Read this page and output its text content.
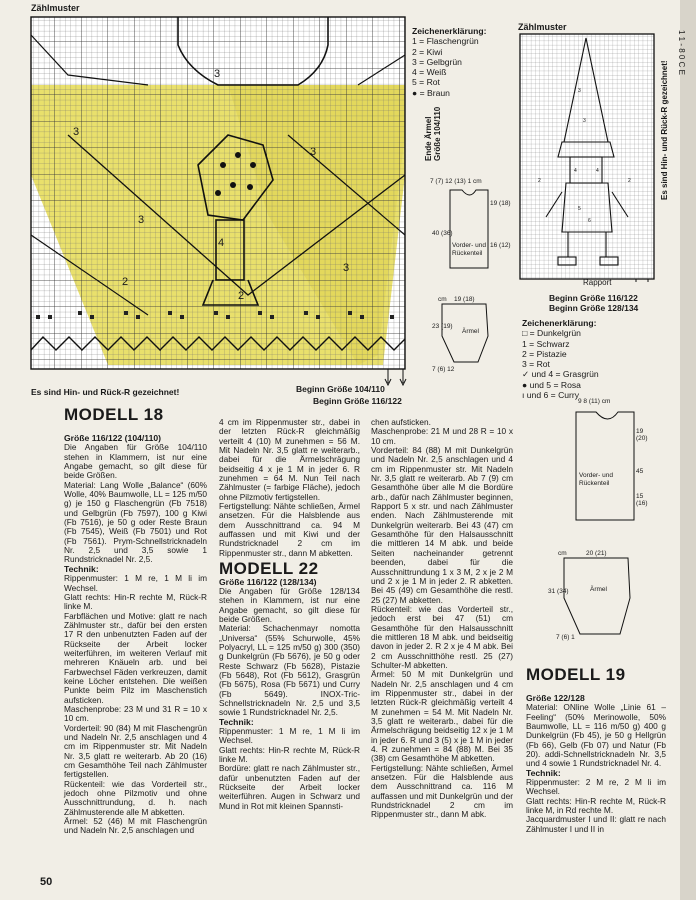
Zählmuster
3
3
3
3
4
3
2
2
Es sind Hin- und Rück-R gezeichnet!	Beginn Größe 104/110
Beginn Größe 116/122
Ende Ärmel Größe 104/110
Zeichenerklärung:
1 = Flaschengrün
2 = Kiwi
3 = Gelbgrün
4 = Weiß
5 = Rot
● = Braun
7 (7) 12 (13) 1 cm
19 (18)
40 (36)
16 (12)
Vorder- und Rückenteil
cm 19 (18)
Ärmel
23 (19)
7 (6) 12
Zählmuster
3
3
4	4
5
6
2	2
Rapport
Es sind Hin- und Rück-R gezeichnet!
Beginn Größe 116/122
Beginn Größe 128/134
Zeichenerklärung:
□ = Dunkelgrün
1 = Schwarz
2 = Pistazie
3 = Rot
✓ und 4 = Grasgrün
● und 5 = Rosa
ı und 6 = Curry
9 8 (11) cm
19 (20)
45
15 (16)
Vorder- und Rückenteil
cm	20 (21)
Ärmel
31 (34)
7 (6) 1
MODELL 18

Größe 116/122 (104/110)

Die Angaben für Größe 104/110 stehen in Klammern, ist nur eine Angabe gemacht, so gilt diese für beide Größen.

Material: Lang Wolle „Balance“ (60% Wolle, 40% Baumwolle, LL = 125 m/50 g) je 150 g Flaschengrün (Fb 7518) und Gelbgrün (Fb 7597), 100 g Kiwi (Fb 7516), je 50 g oder Reste Braun (Fb 7545), Weiß (Fb 7501) und Rot (Fb 7561). Prym-Schnellstricknadeln Nr. 2,5 und 3,5 sowie 1 Rundstricknadel Nr. 2,5.

Technik:

Rippenmuster: 1 M re, 1 M li im Wechsel.

Glatt rechts: Hin-R rechte M, Rück-R linke M.

Farbflächen und Motive: glatt re nach Zählmuster str., dafür bei den ersten 17 R den unbenutzten Faden auf der Rückseite der Arbeit locker weiterführen, im weiteren Verlauf mit mehreren Knäueln arb. und bei Farbwechsel Fäden verkreuzen, damit keine Löcher entstehen. Die weißen Punkte beim Pilz im Maschenstich aufsticken.

Maschenprobe: 23 M und 31 R = 10 x 10 cm.

Vorderteil: 90 (84) M mit Flaschengrün und Nadeln Nr. 2,5 anschlagen und 4 cm im Rippenmuster str. Mit Nadeln Nr. 3,5 glatt re weiterarb. Ab 20 (16) cm Gesamthöhe Teil nach Zählmuster fertigstellen.

Rückenteil: wie das Vorderteil str., jedoch ohne Pilzmotiv und ohne Ausschnittrundung, d. h. nach Zählmusterende alle M abketten.

Ärmel: 52 (46) M mit Flaschengrün und Nadeln Nr. 2,5 anschlagen und

4 cm im Rippenmuster str., dabei in der letzten Rück-R gleichmäßig verteilt 4 (10) M zunehmen = 56 M. Mit Nadeln Nr. 3,5 glatt re weiterarb., dabei für die Ärmelschrägung beidseitig 4 x je 1 M in jeder 6. R zunehmen = 64 M. Nun Teil nach Zählmuster (= farbige Fläche), jedoch ohne Pilzmotiv fertigstellen.

Fertigstellung: Nähte schließen, Ärmel ansetzen. Für die Halsblende aus dem Ausschnittrand ca. 94 M auffassen und mit Kiwi und der Rundstricknadel 2 cm im Rippenmuster str., dann M abketten.

MODELL 22

Größe 116/122 (128/134)

Die Angaben für Größe 128/134 stehen in Klammern, ist nur eine Angabe gemacht, so gilt diese für beide Größen.

Material: Schachenmayr nomotta „Universa“ (55% Schurwolle, 45% Polyacryl, LL = 125 m/50 g) 300 (350) g Dunkelgrün (Fb 5676), je 50 g oder Reste Schwarz (Fb 5628), Pistazie (Fb 5648), Rot (Fb 5612), Grasgrün (Fb 5675), Rosa (Fb 5671) und Curry (Fb 5649). INOX-Tric-Schnellstricknadeln Nr. 2,5 und 3,5 sowie 1 Rundstricknadel Nr. 2,5.

Technik:

Rippenmuster: 1 M re, 1 M li im Wechsel.

Glatt rechts: Hin-R rechte M, Rück-R linke M.

Bordüre: glatt re nach Zählmuster str., dafür unbenutzten Faden auf der Rückseite der Arbeit locker weiterführen. Augen in Schwarz und Mund in Rot mit kleinen Spannsti-

chen aufsticken.

Maschenprobe: 21 M und 28 R = 10 x 10 cm.

Vorderteil: 84 (88) M mit Dunkelgrün und Nadeln Nr. 2,5 anschlagen und 4 cm im Rippenmuster str. Mit Nadeln Nr. 3,5 glatt re weiterarb. Ab 7 (9) cm Gesamthöhe über alle M die Bordüre arb., dafür nach Zählmuster beginnen, Rapport 5 x str. und nach Zählmuster enden. Nach Zählmusterende mit Dunkelgrün weiterarb. Bei 43 (47) cm Gesamthöhe für den Halsausschnitt die mittleren 14 M abk. und beide Seiten nacheinander getrennt beenden, dabei für die Ausschnittrundung 1 x 3 M, 2 x je 2 M und 2 x je 1 M in jeder 2. R abketten. Bei 45 (49) cm Gesamthöhe die restl. 25 (27) M abketten.

Rückenteil: wie das Vorderteil str., jedoch erst bei 47 (51) cm Gesamthöhe für den Halsausschnitt die mittleren 18 M abk. und beidseitig davon in jeder 2. R 2 x je 4 M abk. Bei 2 cm Ausschnitthöhe restl. 25 (27) Schulter-M abketten.

Ärmel: 50 M mit Dunkelgrün und Nadeln Nr. 2,5 anschlagen und 4 cm im Rippenmuster str., dabei in der letzten Rück-R gleichmäßig verteilt 4 M zunehmen = 54 M. Mit Nadeln Nr. 3,5 glatt re weiterarb., dabei für die Ärmelschrägung beidseitig 12 x je 1 M in jeder 6. R und 3 (5) x je 1 M in jeder 4. R zunehmen = 84 (88) M. Bei 35 (38) cm Gesamthöhe M abketten.

Fertigstellung: Nähte schließen, Ärmel ansetzen. Für die Halsblende aus dem Ausschnittrand ca. 116 M auffassen und mit Dunkelgrün und der Rundstricknadel 2 cm im Rippenmuster str., dann M abk.

MODELL 19

Größe 122/128

Material: ONline Wolle „Linie 61 – Feeling“ (50% Merinowolle, 50% Baumwolle, LL = 116 m/50 g) 400 g Dunkelgrün (Fb 45), je 50 g Hellgrün (Fb 66), Gelb (Fb 07) und Natur (Fb 20). addi-Schnellstricknadeln Nr. 3,5 und 4 sowie 1 Rundstricknadel Nr. 4.

Technik:

Rippenmuster: 2 M re, 2 M li im Wechsel.

Glatt rechts: Hin-R rechte M, Rück-R linke M, in Rd rechte M.

Jacquardmuster I und II: glatt re nach Zählmuster I und II in

50
1 1 - 8 0 C E
